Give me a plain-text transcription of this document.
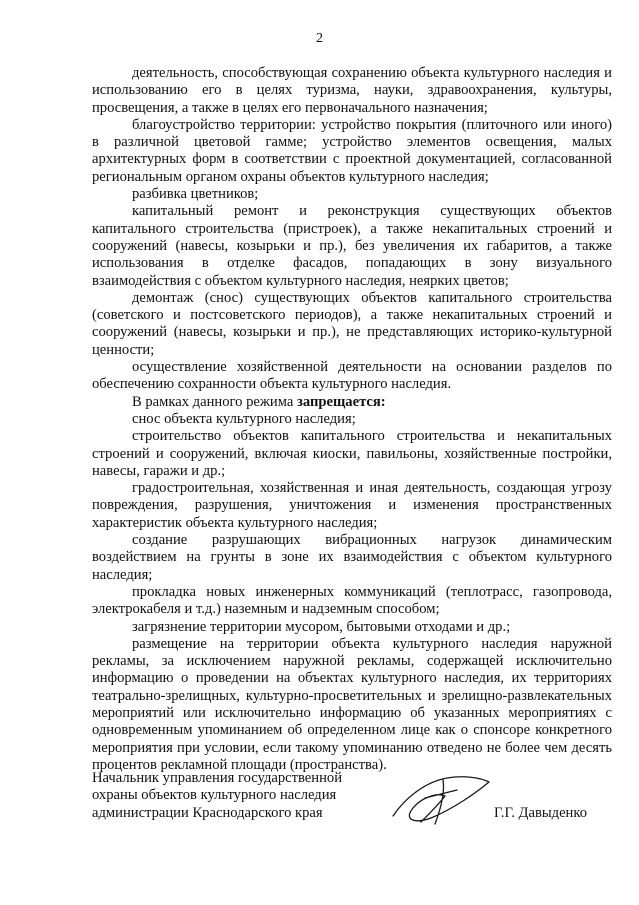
2

деятельность, способствующая сохранению объекта культурного наследия и использованию его в целях туризма, науки, здравоохранения, культуры, просвещения, а также в целях его первоначального назначения;

благоустройство территории: устройство покрытия (плиточного или иного) в различной цветовой гамме; устройство элементов освещения, малых архитектурных форм в соответствии с проектной документацией, согласованной региональным органом охраны объектов культурного наследия;

разбивка цветников;

капитальный ремонт и реконструкция существующих объектов капитального строительства (пристроек), а также некапитальных строений и сооружений (навесы, козырьки и пр.), без увеличения их габаритов, а также использования в отделке фасадов, попадающих в зону визуального взаимодействия с объектом культурного наследия, неярких цветов;

демонтаж (снос) существующих объектов капитального строительства (советского и постсоветского периодов), а также некапитальных строений и сооружений (навесы, козырьки и пр.), не представляющих историко-культурной ценности;

осуществление хозяйственной деятельности на основании разделов по обеспечению сохранности объекта культурного наследия.

В рамках данного режима запрещается:

снос объекта культурного наследия;

строительство объектов капитального строительства и некапитальных строений и сооружений, включая киоски, павильоны, хозяйственные постройки, навесы, гаражи и др.;

градостроительная, хозяйственная и иная деятельность, создающая угрозу повреждения, разрушения, уничтожения и изменения пространственных характеристик объекта культурного наследия;

создание разрушающих вибрационных нагрузок динамическим воздействием на грунты в зоне их взаимодействия с объектом культурного наследия;

прокладка новых инженерных коммуникаций (теплотрасс, газопровода, электрокабеля и т.д.) наземным и надземным способом;

загрязнение территории мусором, бытовыми отходами и др.;

размещение на территории объекта культурного наследия наружной рекламы, за исключением наружной рекламы, содержащей исключительно информацию о проведении на объектах культурного наследия, их территориях театрально-зрелищных, культурно-просветительных и зрелищно-развлекательных мероприятий или исключительно информацию об указанных мероприятиях с одновременным упоминанием об определенном лице как о спонсоре конкретного мероприятия при условии, если такому упоминанию отведено не более чем десять процентов рекламной площади (пространства).

Начальник управления государственной
охраны объектов культурного наследия
администрации Краснодарского края	Г.Г. Давыденко
